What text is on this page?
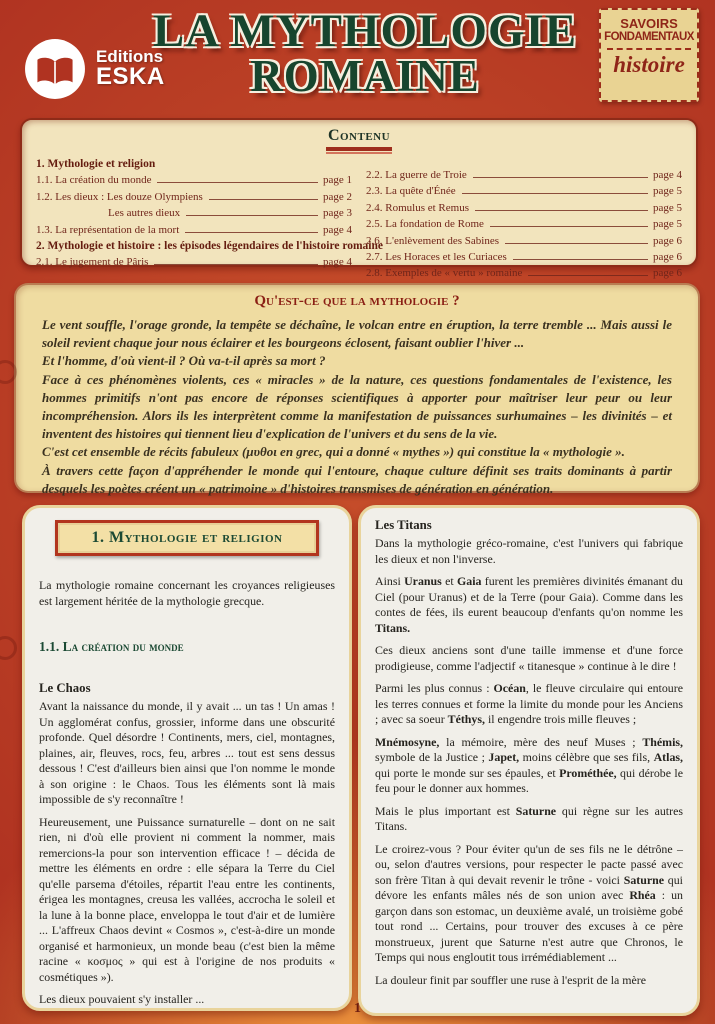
Editions
ESKA
LA MYTHOLOGIE
ROMAINE
SAVOIRS
FONDAMENTAUX
histoire
Contenu
1. Mythologie et religion
1.1. La création du monde	page 1
1.2. Les dieux : Les douze Olympiens	page 2
Les autres dieux	page 3
1.3. La représentation de la mort	page 4
2. Mythologie et histoire : les épisodes légendaires de l'histoire romaine
2.1. Le jugement de Pâris	page 4
2.2. La guerre de Troie	page 4
2.3. La quête d'Énée	page 5
2.4. Romulus et Remus	page 5
2.5. La fondation de Rome	page 5
2.6. L'enlèvement des Sabines	page 6
2.7. Les Horaces et les Curiaces	page 6
2.8. Exemples de « vertu » romaine	page 6
Qu'est-ce que la mythologie ?

Le vent souffle, l'orage gronde, la tempête se déchaîne, le volcan entre en éruption, la terre tremble ... Mais aussi le soleil revient chaque jour nous éclairer et les bourgeons éclosent, faisant oublier l'hiver ...

Et l'homme, d'où vient-il ? Où va-t-il après sa mort ?

Face à ces phénomènes violents, ces « miracles » de la nature, ces questions fondamentales de l'existence, les hommes primitifs n'ont pas encore de réponses scientifiques à apporter pour maîtriser leur peur ou leur incompréhension. Alors ils les interprètent comme la manifestation de puissances surhumaines – les divinités – et inventent des histoires qui tiennent lieu d'explication de l'univers et du sens de la vie.

C'est cet ensemble de récits fabuleux (μυθοι en grec, qui a donné « mythes ») qui constitue la « mythologie ».

À travers cette façon d'appréhender le monde qui l'entoure, chaque culture définit ses traits dominants à partir desquels les poètes créent un « patrimoine » d'histoires transmises de génération en génération.

1. Mythologie et religion

La mythologie romaine concernant les croyances religieuses est largement héritée de la mythologie grecque.

1.1. La création du monde
Le Chaos

Avant la naissance du monde, il y avait ... un tas ! Un amas ! Un agglomérat confus, grossier, informe dans une obscurité profonde. Quel désordre ! Continents, mers, ciel, montagnes, plaines, air, fleuves, rocs, feu, arbres ... tout est sens dessus dessous ! C'est d'ailleurs bien ainsi que l'on nomme le monde à son origine : le Chaos. Tous les éléments sont là mais impossible de s'y reconnaître !

Heureusement, une Puissance surnaturelle – dont on ne sait rien, ni d'où elle provient ni comment la nommer, mais remercions-la pour son intervention efficace ! – décida de mettre les éléments en ordre : elle sépara la Terre du Ciel qu'elle parsema d'étoiles, répartit l'eau entre les continents, érigea les montagnes, creusa les vallées, accrocha le soleil et la lune à la bonne place, enveloppa le tout d'air et de lumière ... L'affreux Chaos devint « Cosmos », c'est-à-dire un monde organisé et harmonieux, un monde beau (c'est bien la même racine « κοσμος » qui est à l'origine de nos produits « cosmétiques »).

Les dieux pouvaient s'y installer ...

Les Titans

Dans la mythologie gréco-romaine, c'est l'univers qui fabrique les dieux et non l'inverse.

Ainsi Uranus et Gaia furent les premières divinités émanant du Ciel (pour Uranus) et de la Terre (pour Gaia). Comme dans les contes de fées, ils eurent beaucoup d'enfants qu'on nomme les Titans.

Ces dieux anciens sont d'une taille immense et d'une force prodigieuse, comme l'adjectif « titanesque » continue à le dire !

Parmi les plus connus : Océan, le fleuve circulaire qui entoure les terres connues et forme la limite du monde pour les Anciens ; avec sa soeur Téthys, il engendre trois mille fleuves ;

Mnémosyne, la mémoire, mère des neuf Muses ; Thémis, symbole de la Justice ; Japet, moins célèbre que ses fils, Atlas, qui porte le monde sur ses épaules, et Prométhée, qui dérobe le feu pour le donner aux hommes.

Mais le plus important est Saturne qui règne sur les autres Titans.

Le croirez-vous ? Pour éviter qu'un de ses fils ne le détrône – ou, selon d'autres versions, pour respecter le pacte passé avec son frère Titan à qui devait revenir le trône - voici Saturne qui dévore les enfants mâles nés de son union avec Rhéa : un garçon dans son estomac, un deuxième avalé, un troisième gobé tout rond ... Certains, pour trouver des excuses à ce père monstrueux, jurent que Saturne n'est autre que Chronos, le Temps qui nous engloutit tous irrémédiablement ...

La douleur finit par souffler une ruse à l'esprit de la mère

1
